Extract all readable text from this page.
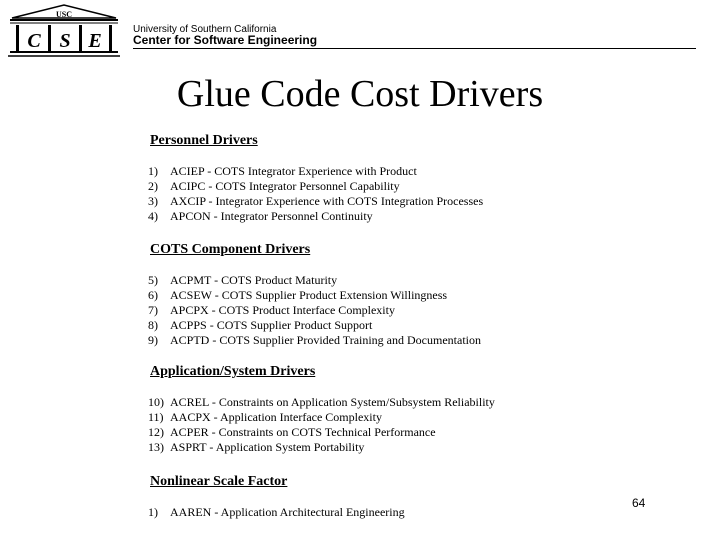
USC
C S E
University of Southern California
Center for Software Engineering
Glue Code Cost Drivers
Personnel Drivers
1) ACIEP - COTS Integrator Experience with Product
2) ACIPC - COTS Integrator Personnel Capability
3) AXCIP - Integrator Experience with COTS Integration Processes
4) APCON - Integrator Personnel Continuity
COTS Component Drivers
5) ACPMT - COTS Product Maturity
6) ACSEW - COTS Supplier Product Extension Willingness
7) APCPX - COTS Product Interface Complexity
8) ACPPS - COTS Supplier Product Support
9) ACPTD - COTS Supplier Provided Training and Documentation
Application/System Drivers
10) ACREL - Constraints on Application System/Subsystem Reliability
11) AACPX - Application Interface Complexity
12) ACPER - Constraints on COTS Technical Performance
13) ASPRT - Application System Portability
Nonlinear Scale Factor
1) AAREN - Application Architectural Engineering
64
